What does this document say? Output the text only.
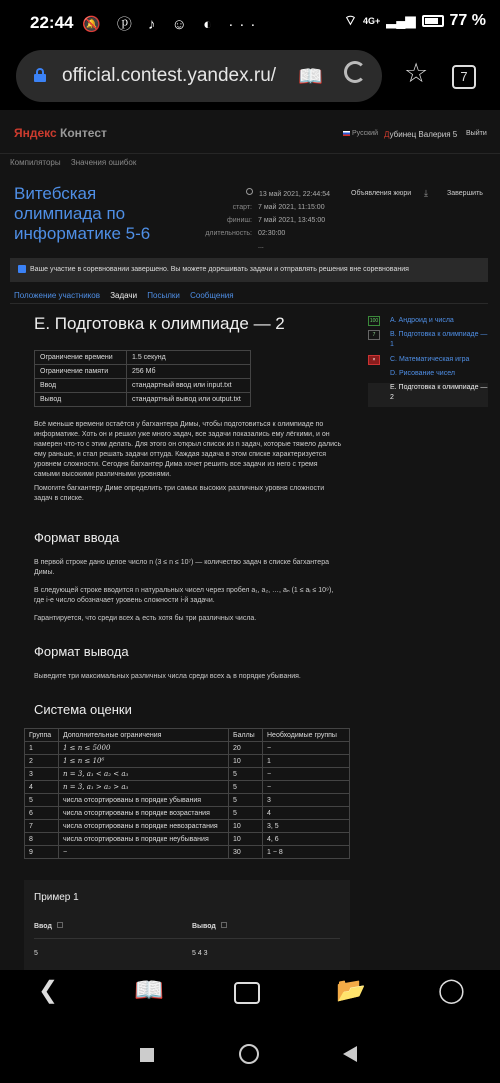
22:44 🔕 ⓟ ♪ ☺ ◐ ···	⌔ 4G+ ▂▄▆ 77 %
official.contest.yandex.ru/ 📖	☆	7
Яндекс Контест	Русский Дубинец Валерия 5 Выйти
Компиляторы Значения ошибок
Витебская олимпиада по информатике 5-6
13 май 2021, 22:44:54
старт: 7 май 2021, 11:15:00
финиш: 7 май 2021, 13:45:00
длительность: 02:30:00
...
Объявления жюри ⤓	Завершить
Ваше участие в соревновании завершено. Вы можете дорешивать задачи и отправлять решения вне соревнования
Положение участников Задачи Посылки Сообщения
Е. Подготовка к олимпиаде — 2
Ограничение времени	1.5 секунд
Ограничение памяти	256 Мб
Ввод	стандартный ввод или input.txt
Вывод	стандартный вывод или output.txt
Всё меньше времени остаётся у багхантера Димы, чтобы подготовиться к олимпиаде по информатике. Хоть он и решил уже много задач, все задачи показались ему лёгкими, и он намерен что-то с этим делать. Для этого он открыл список из n задач, которые тяжело дались ему раньше, и стал решать задачи оттуда. Каждая задача в этом списке характеризуется уровнем сложности. Сегодня багхантер Дима хочет решить все задачи из него с тремя самыми высокими различными уровнями.
Помогите багхантеру Диме определить три самых высоких различных уровня сложности задач в списке.
Формат ввода
В первой строке дано целое число n (3 ≤ n ≤ 10⁷) — количество задач в списке багхантера Димы.
В следующей строке вводится n натуральных чисел через пробел a₁, a₂, …, aₙ (1 ≤ aᵢ ≤ 10⁹), где i-е число обозначает уровень сложности i-й задачи.
Гарантируется, что среди всех aᵢ есть хотя бы три различных числа.
Формат вывода
Выведите три максимальных различных числа среди всех aᵢ в порядке убывания.
Система оценки
Группа	Дополнительные ограничения	Баллы	Необходимые группы
1	1 ≤ n ≤ 5000	20	−
2	1 ≤ n ≤ 10⁶	10	1
3	n = 3, a₁ < a₂ < a₃	5	−
4	n = 3, a₁ > a₂ > a₃	5	−
5	числа отсортированы в порядке убывания	5	3
6	числа отсортированы в порядке возрастания	5	4
7	числа отсортированы в порядке невозрастания	10	3, 5
8	числа отсортированы в порядке неубывания	10	4, 6
9	−	30	1 − 8
Пример 1
Ввод	Вывод
5	5 4 3
100 A. Андроид и числа
7	B. Подготовка к олимпиаде — 1
×	C. Математическая игра
D. Рисование чисел
E. Подготовка к олимпиаде — 2
❮	📖	📂	◯
